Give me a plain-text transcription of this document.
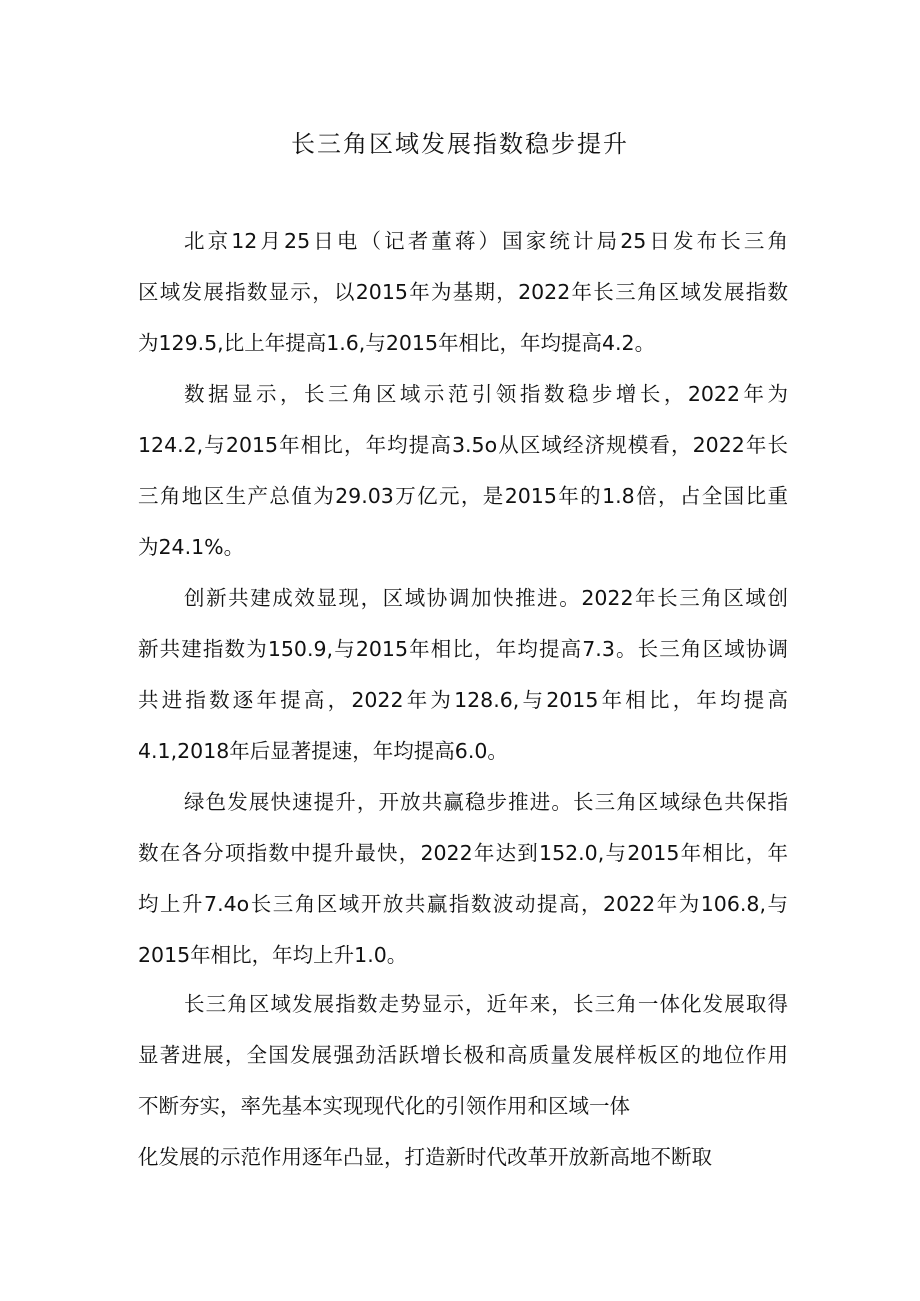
长三角区域发展指数稳步提升
北京12月25日电（记者董蒋）国家统计局25日发布长三角
区域发展指数显示，以2015年为基期，2022年长三角区域发展指数
为129.5,比上年提高1.6,与2015年相比，年均提高4.2。
数据显示，长三角区域示范引领指数稳步增长，2022年为
124.2,与2015年相比，年均提高3.5o从区域经济规模看，2022年长
三角地区生产总值为29.03万亿元，是2015年的1.8倍，占全国比重
为24.1%。
创新共建成效显现，区域协调加快推进。2022年长三角区域创
新共建指数为150.9,与2015年相比，年均提高7.3。长三角区域协调
共进指数逐年提高，2022年为128.6,与2015年相比，年均提高
4.1,2018年后显著提速，年均提高6.0。
绿色发展快速提升，开放共赢稳步推进。长三角区域绿色共保指
数在各分项指数中提升最快，2022年达到152.0,与2015年相比，年
均上升7.4o长三角区域开放共赢指数波动提高，2022年为106.8,与
2015年相比，年均上升1.0。
长三角区域发展指数走势显示，近年来，长三角一体化发展取得
显著进展，全国发展强劲活跃增长极和高质量发展样板区的地位作用
不断夯实，率先基本实现现代化的引领作用和区域一体
化发展的示范作用逐年凸显，打造新时代改革开放新高地不断取
